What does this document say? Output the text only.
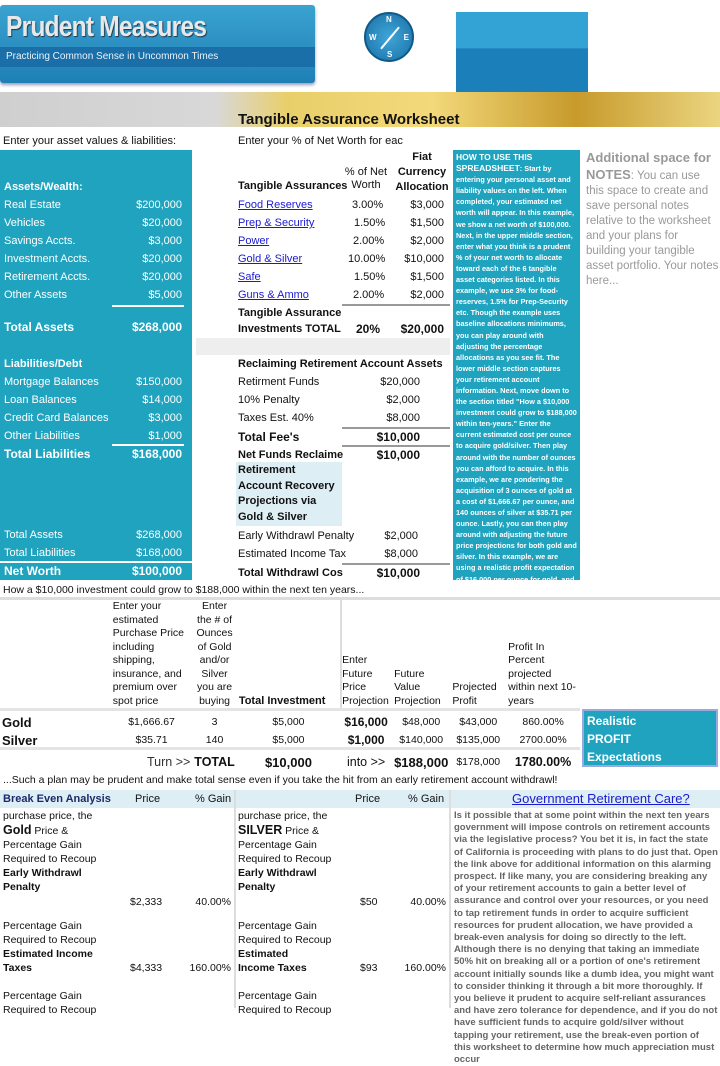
Prudent Measures
Practicing Common Sense in Uncommon Times
N
E
S
W
Tangible Assurance Worksheet
Enter your asset values & liabilities:	Enter your % of Net Worth for eac
Assets/Wealth:
Real Estate	$200,000
Vehicles	$20,000
Savings Accts.	$3,000
Investment Accts.	$20,000
Retirement Accts.	$20,000
Other Assets	$5,000
Total Assets	$268,000
Liabilities/Debt
Mortgage Balances	$150,000
Loan Balances	$14,000
Credit Card Balances	$3,000
Other Liabilities	$1,000
Total Liabilities	$168,000
Total Assets	$268,000
Total Liabilities	$168,000
Net Worth	$100,000
Tangible Assurances
% of Net Worth
Fiat Currency Allocation
Food Reserves	3.00% $3,000
Prep & Security	1.50% $1,500
Power	2.00% $2,000
Gold & Silver	10.00% $10,000
Safe	1.50% $1,500
Guns & Ammo	2.00% $2,000
Tangible Assurance
Investments TOTAL 20% $20,000
Reclaiming Retirement Account Assets
Retirment Funds	$20,000
10% Penalty	$2,000
Taxes Est. 40%	$8,000
Total Fee's	$10,000
Net Funds Reclaime	$10,000
Retirement Account Recovery Projections via Gold & Silver
Early Withdrawl Penalty	$2,000
Estimated Income Tax	$8,000
Total Withdrawl Cos	$10,000
HOW TO USE THIS SPREADSHEET: Start by entering your personal asset and liability values on the left. When completed, your estimated net worth will appear. In this example, we show a net worth of $100,000. Next, in the upper middle section, enter what you think is a prudent % of your net worth to allocate toward each of the 6 tangible asset categories listed. In this example, we use 3% for food-reserves, 1.5% for Prep-Security etc. Though the example uses baseline allocations minimums, you can play around with adjusting the percentage allocations as you see fit. The lower middle section captures your retirement account information. Next, move down to the section titled "How a $10,000 investment could grow to $188,000 within ten-years." Enter the current estimated cost per ounce to acquire gold/silver. Then play around with the number of ounces you can afford to acquire. In this example, we are pondering the acquisition of 3 ounces of gold at a cost of $1,666.67 per ounce, and 140 ounces of silver at $35.71 per ounce. Lastly, you can then play around with adjusting the future price projections for both gold and silver. In this example, we are using a realistic profit expectation of $16,000 per ounce for gold, and
Additional space for NOTES: You can use this space to create and save personal notes relative to the worksheet and your plans for building your tangible asset portfolio. Your notes here...
How a $10,000 investment could grow to $188,000 within the next ten years...
	Enter your estimated Purchase Price including shipping, insurance, and premium over spot price	Enter the # of Ounces of Gold and/or Silver you are buying	Total Investment	Enter Future Price Projection	Future Value Projection	Projected Profit	Profit In Percent projected within next 10-years

Gold	$1,666.67	3	$5,000	$16,000	$48,000	$43,000	860.00%
Silver	$35.71	140	$5,000	$1,000	$140,000	$135,000	2700.00%

	Turn >>	TOTAL	$10,000	into >>	$188,000	$178,000	1780.00%
Realistic
PROFIT
Expectations
...Such a plan may be prudent and make total sense even if you take the hit from an early retirement account withdrawl!
Break Even Analysis Price	% Gain	Price	% Gain	Government Retirement Care?
purchase price, the
Gold Price &
Percentage Gain
Required to Recoup
Early Withdrawl
Penalty
$2,333	40.00%
Percentage Gain
Required to Recoup
Estimated Income
Taxes	$4,333	160.00%
Percentage Gain
Required to Recoup
purchase price, the
SILVER Price &
Percentage Gain
Required to Recoup
Early Withdrawl
Penalty
$50	40.00%
Percentage Gain
Required to Recoup
Estimated
Income Taxes	$93	160.00%
Percentage Gain
Required to Recoup
Is it possible that at some point within the next ten years government will impose controls on retirement accounts via the legislative process? You bet it is, in fact the state of California is proceeding with plans to do just that. Open the link above for additional information on this alarming prospect. If like many, you are considering breaking any of your retirement accounts to gain a better level of assurance and control over your resources, or you need to tap retirement funds in order to acquire sufficient resources for prudent allocation, we have provided a break-even analysis for doing so directly to the left. Although there is no denying that taking an immediate 50% hit on breaking all or a portion of one's retirement account initially sounds like a dumb idea, you might want to consider thinking it through a bit more thoroughly. If you believe it prudent to acquire self-reliant assurances and have zero tolerance for dependence, and if you do not have sufficient funds to acquire gold/silver without tapping your retirement, use the break-even portion of this worksheet to determine how much appreciation must occur
